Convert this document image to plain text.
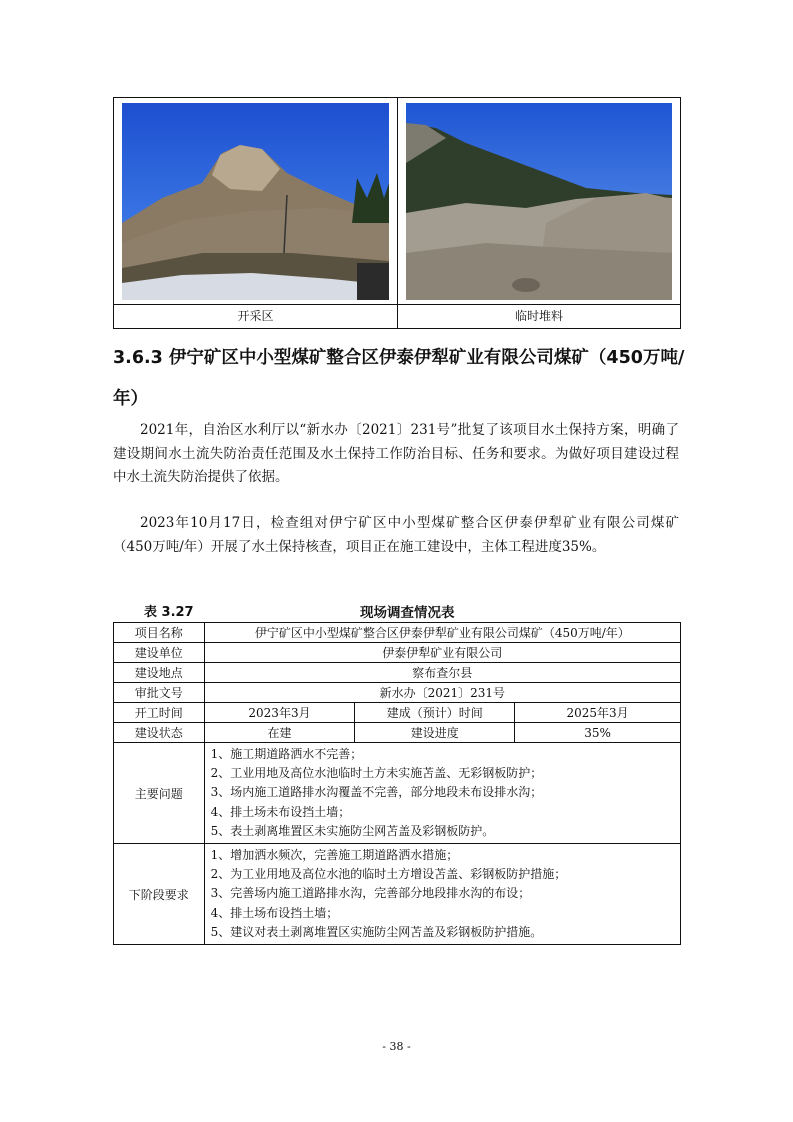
开采区	临时堆料
3.6.3 伊宁矿区中小型煤矿整合区伊泰伊犁矿业有限公司煤矿（450万吨/年）
2021年，自治区水利厅以“新水办〔2021〕231号”批复了该项目水土保持方案，明确了建设期间水土流失防治责任范围及水土保持工作防治目标、任务和要求。为做好项目建设过程中水土流失防治提供了依据。
2023年10月17日，检查组对伊宁矿区中小型煤矿整合区伊泰伊犁矿业有限公司煤矿（450万吨/年）开展了水土保持核查，项目正在施工建设中，主体工程进度35%。
表 3.27	现场调查情况表
项目名称	伊宁矿区中小型煤矿整合区伊泰伊犁矿业有限公司煤矿（450万吨/年）		
建设单位	伊泰伊犁矿业有限公司		
建设地点	察布查尔县		
审批文号	新水办〔2021〕231号		
开工时间	2023年3月	建成（预计）时间	2025年3月
建设状态	在建	建设进度	35%
主要问题	1、施工期道路洒水不完善；
2、工业用地及高位水池临时土方未实施苫盖、无彩钢板防护；
3、场内施工道路排水沟覆盖不完善，部分地段未布设排水沟；
4、排土场未布设挡土墙；
5、表土剥离堆置区未实施防尘网苫盖及彩钢板防护。		

下阶段要求	1、增加洒水频次，完善施工期道路洒水措施；
2、为工业用地及高位水池的临时土方增设苫盖、彩钢板防护措施；
3、完善场内施工道路排水沟，完善部分地段排水沟的布设；
4、排土场布设挡土墙；
5、建议对表土剥离堆置区实施防尘网苫盖及彩钢板防护措施。		
- 38 -
